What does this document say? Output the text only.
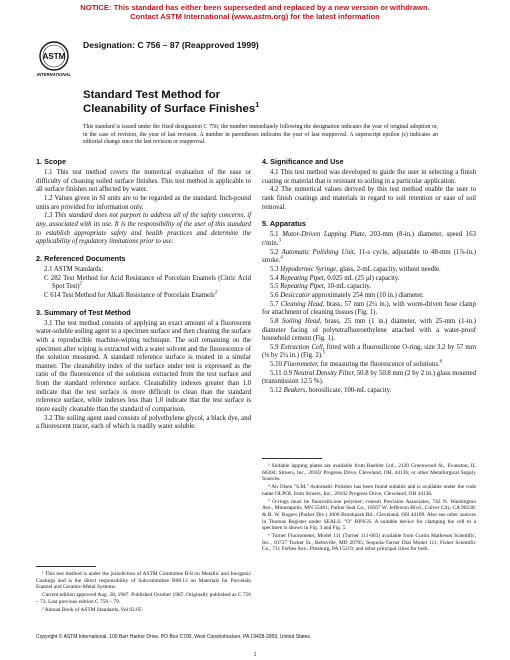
NOTICE: This standard has either been superseded and replaced by a new version or withdrawn.
Contact ASTM International (www.astm.org) for the latest information
ASTM
INTERNATIONAL
Designation: C 756 – 87 (Reapproved 1999)
Standard Test Method for
Cleanability of Surface Finishes$^1$
This standard is issued under the fixed designation C 756; the number immediately following the designation indicates the year of original adoption or, in the case of revision, the year of last revision. A number in parentheses indicates the year of last reapproval. A superscript epsilon (ε) indicates an editorial change since the last revision or reapproval.
1. Scope

1.1 This test method covers the numerical evaluation of the ease or difficulty of cleaning soiled surface finishes. This test method is applicable to all surface finishes not affected by water.

1.2 Values given in SI units are to be regarded as the standard. Inch-pound units are provided for information only.

1.3 This standard does not purport to address all of the safety concerns, if any, associated with its use. It is the responsibility of the user of this standard to establish appropriate safety and health practices and determine the applicability of regulatory limitations prior to use.

2. Referenced Documents

2.1 ASTM Standards:

C 282 Test Method for Acid Resistance of Porcelain Enamels (Citric Acid Spot Test)$^2$

C 614 Test Method for Alkali Resistance of Porcelain Enamels$^2$

3. Summary of Test Method

3.1 The test method consists of applying an exact amount of a fluorescent water-soluble soiling agent to a specimen surface and then cleaning the surface with a reproducible machine-wiping technique. The soil remaining on the specimen after wiping is extracted with a water solvent and the fluorescence of the solution measured. A standard reference surface is treated in a similar manner. The cleanability index of the surface under test is expressed as the ratio of the fluorescence of the solutions extracted from the test surface and from the standard reference surface. Cleanability indexes greater than 1.0 indicate that the test surface is more difficult to clean than the standard reference surface, while indexes less than 1.0 indicate that the test surface is more easily cleanable than the standard of comparison.

3.2 The soiling agent used consists of polyethylene glycol, a black dye, and a fluorescent tracer, each of which is readily water soluble.

¹ This test method is under the jurisdiction of ASTM Committee B-8 on Metallic and Inorganic Coatings and is the direct responsibility of Subcommittee B08.12 on Materials for Porcelain Enamel and Ceramic-Metal Systems.

Current edition approved Aug. 28, 1987. Published October 1987. Originally published as C 756 – 73. Last previous edition C 756 – 79.

² Annual Book of ASTM Standards, Vol 02.05.

4. Significance and Use

4.1 This test method was developed to guide the user in selecting a finish coating or material that is resistant to soiling in a particular application.

4.2 The numerical values derived by this test method enable the user to rank finish coatings and materials in regard to soil retention or ease of soil removal.

5. Apparatus

5.1 Motor-Driven Lapping Plate, 203-mm (8-in.) diameter, speed 163 r/min.$^3$

5.2 Automatic Polishing Unit, 11-s cycle, adjustable to 48-mm (1⅞-in.) stroke.$^4$

5.3 Hypodermic Syringe, glass, 2-mL capacity, without needle.

5.4 Repeating Pipet, 0.025 mL (25 µl) capacity.

5.5 Repeating Pipet, 10-mL capacity.

5.6 Desiccator approximately 254 mm (10 in.) diameter.

5.7 Cleaning Head, brass, 57 mm (2¼ in.), with worm-driven hose clamp for attachment of cleaning tissues (Fig. 1).

5.8 Soiling Head, brass, 25 mm (1 in.) diameter, with 25-mm (1-in.) diameter facing of polytetrafluoroethylene attached with a water-proof household cement (Fig. 1).

5.9 Extraction Cell, fitted with a fluorosilicone O-ring, size 3.2 by 57 mm (⅛ by 2¼ in.) (Fig. 2).$^5$

5.10 Fluorometer, for measuring the fluorescence of solutions.$^6$

5.11 0.9 Neutral Density Filter, 50.8 by 50.8 mm (2 by 2 in.) glass mounted (transmission 12.5 %).

5.12 Beakers, borosilicate, 100-mL capacity.

³ Suitable lapping plates are available from Buehler Ltd., 2120 Greenwood St., Evanston, IL 60204; Struers, Inc., 20102 Progress Drive, Cleveland, OH, 44136; or other Metallurgical Supply Sources.

⁴ An Olsen "S.M." Automatic Polisher has been found suitable and is available under the code name OLPOL from Struers, Inc., 20102 Progress Drive, Cleveland, OH 44136.

⁵ O-rings must be fluorosilicone polymer; consult Precision Associates, 742 N. Washington Ave., Minneapolis, MN 55401; Parker Seal Co., 10567 W. Jefferson Blvd., Culver City, CA 90230; & B. W. Rogers (Parker Div.) 1000 Brookpark Rd., Cleveland, OH 44109. Also see other sources in Thomas Register under SEALS: "O" RINGS. A suitable device for clamping the cell to a specimen is shown in Fig. 3 and Fig. 5.

⁶ Turner Fluorometer, Model 111 (Turner 111-003) available from Curtin Matheson Scientific, Inc., 10727 Tucker St., Beltsville, MD 20705, Sequoia-Turner Dial Model 111, Fisher Scientific Co., 711 Forbes Ave., Pittsburg, PA 15219, and other principal cities for both.

Copyright © ASTM International, 100 Barr Harbor Drive, PO Box C700, West Conshohocken, PA 19428-2959, United States.
1
